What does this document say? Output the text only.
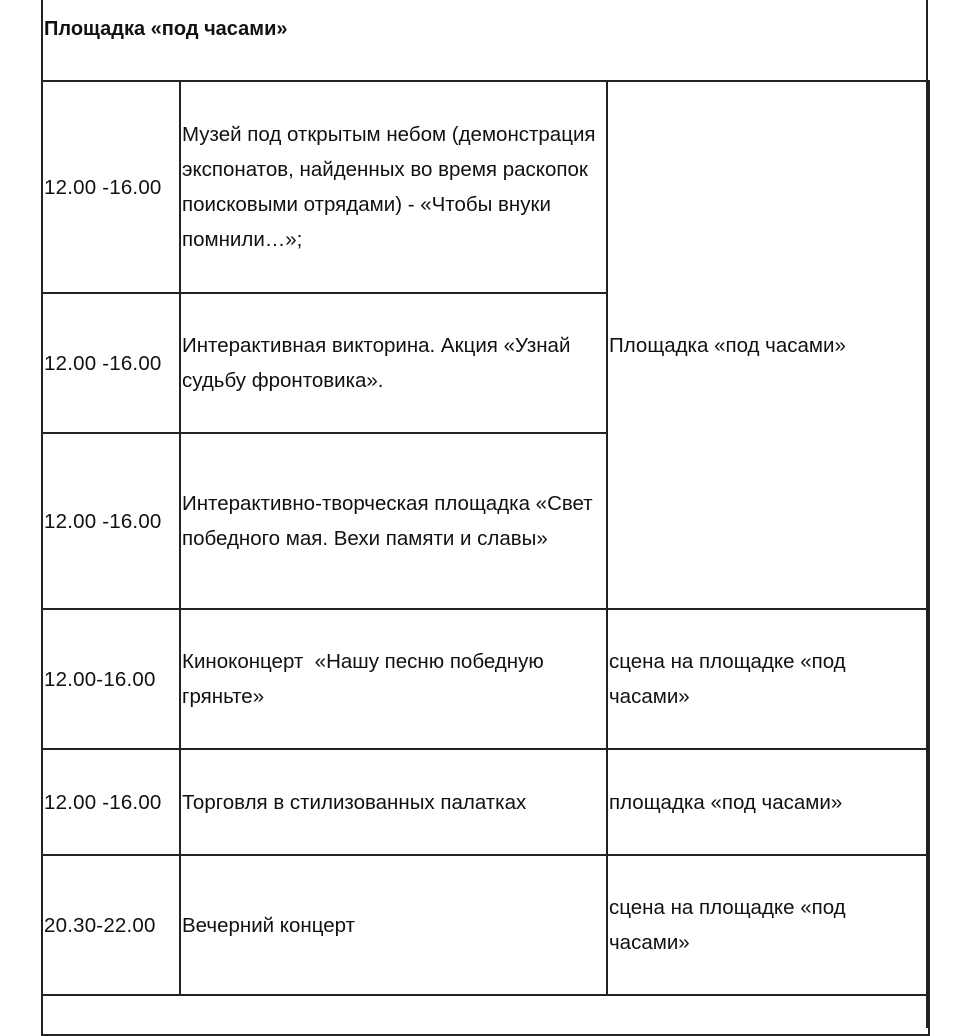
Площадка «под часами»
12.00 -16.00	Музей под открытым небом (демонстрация экспонатов, найденных во время раскопок поисковыми отрядами) - «Чтобы внуки помнили…»;	Площадка «под часами»
12.00 -16.00	Интерактивная викторина. Акция «Узнай судьбу фронтовика».	
12.00 -16.00	Интерактивно-творческая площадка «Свет победного мая. Вехи памяти и славы»	
12.00-16.00	Киноконцерт  «Нашу песню победную гряньте»	сцена на площадке «под часами»
12.00 -16.00	Торговля в стилизованных палатках	площадка «под часами»
20.30-22.00	Вечерний концерт	сцена на площадке «под часами»
